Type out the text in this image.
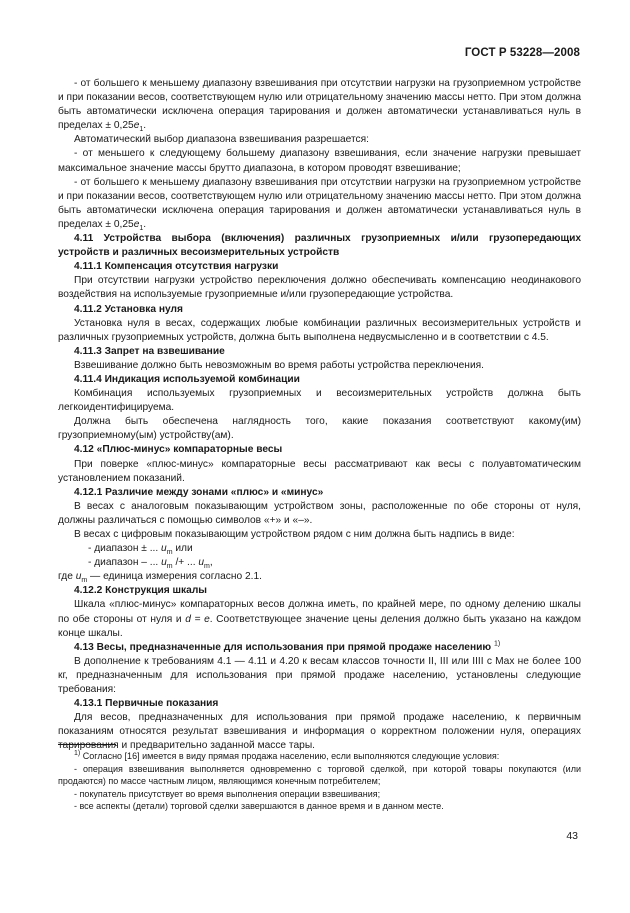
ГОСТ Р 53228—2008

- от большего к меньшему диапазону взвешивания при отсутствии нагрузки на грузоприемном устройстве и при показании весов, соответствующем нулю или отрицательному значению массы нетто. При этом должна быть автоматически исключена операция тарирования и должен автоматически устанавливаться нуль в пределах ± $0,25e_1$.

Автоматический выбор диапазона взвешивания разрешается:

- от меньшего к следующему большему диапазону взвешивания, если значение нагрузки превышает максимальное значение массы брутто диапазона, в котором проводят взвешивание;

- от большего к меньшему диапазону взвешивания при отсутствии нагрузки на грузоприемном устройстве и при показании весов, соответствующем нулю или отрицательному значению массы нетто. При этом должна быть автоматически исключена операция тарирования и должен автоматически устанавливаться нуль в пределах ± $0,25e_1$.

4.11 Устройства выбора (включения) различных грузоприемных и/или грузопередающих устройств и различных весоизмерительных устройств

4.11.1 Компенсация отсутствия нагрузки

При отсутствии нагрузки устройство переключения должно обеспечивать компенсацию неодинакового воздействия на используемые грузоприемные и/или грузопередающие устройства.

4.11.2 Установка нуля

Установка нуля в весах, содержащих любые комбинации различных весоизмерительных устройств и различных грузоприемных устройств, должна быть выполнена недвусмысленно и в соответствии с 4.5.

4.11.3 Запрет на взвешивание

Взвешивание должно быть невозможным во время работы устройства переключения.

4.11.4 Индикация используемой комбинации

Комбинация используемых грузоприемных и весоизмерительных устройств должна быть легкоидентифицируема.

Должна быть обеспечена наглядность того, какие показания соответствуют какому(им) грузоприемному(ым) устройству(ам).

4.12 «Плюс-минус» компараторные весы

При поверке «плюс-минус» компараторные весы рассматривают как весы с полуавтоматическим установлением показаний.

4.12.1 Различие между зонами «плюс» и «минус»

В весах с аналоговым показывающим устройством зоны, расположенные по обе стороны от нуля, должны различаться с помощью символов «+» и «–».

В весах с цифровым показывающим устройством рядом с ним должна быть надпись в виде:

- диапазон ± ... $u_m$ или

- диапазон – ... $u_m$ /+ ... $u_m$,

где $u_m$ — единица измерения согласно 2.1.

4.12.2 Конструкция шкалы

Шкала «плюс-минус» компараторных весов должна иметь, по крайней мере, по одному делению шкалы по обе стороны от нуля и d = e. Соответствующее значение цены деления должно быть указано на каждом конце шкалы.

4.13 Весы, предназначенные для использования при прямой продаже населению $^{1)}$

В дополнение к требованиям 4.1 — 4.11 и 4.20 к весам классов точности II, III или IIII с Max не более 100 кг, предназначенным для использования при прямой продаже населению, установлены следующие требования:

4.13.1 Первичные показания

Для весов, предназначенных для использования при прямой продаже населению, к первичным показаниям относятся результат взвешивания и информация о корректном положении нуля, операциях тарирования и предварительно заданной массе тары.

$^{1)}$ Согласно [16] имеется в виду прямая продажа населению, если выполняются следующие условия:

- операция взвешивания выполняется одновременно с торговой сделкой, при которой товары покупаются (или продаются) по массе частным лицом, являющимся конечным потребителем;

- покупатель присутствует во время выполнения операции взвешивания;

- все аспекты (детали) торговой сделки завершаются в данное время и в данном месте.

43
